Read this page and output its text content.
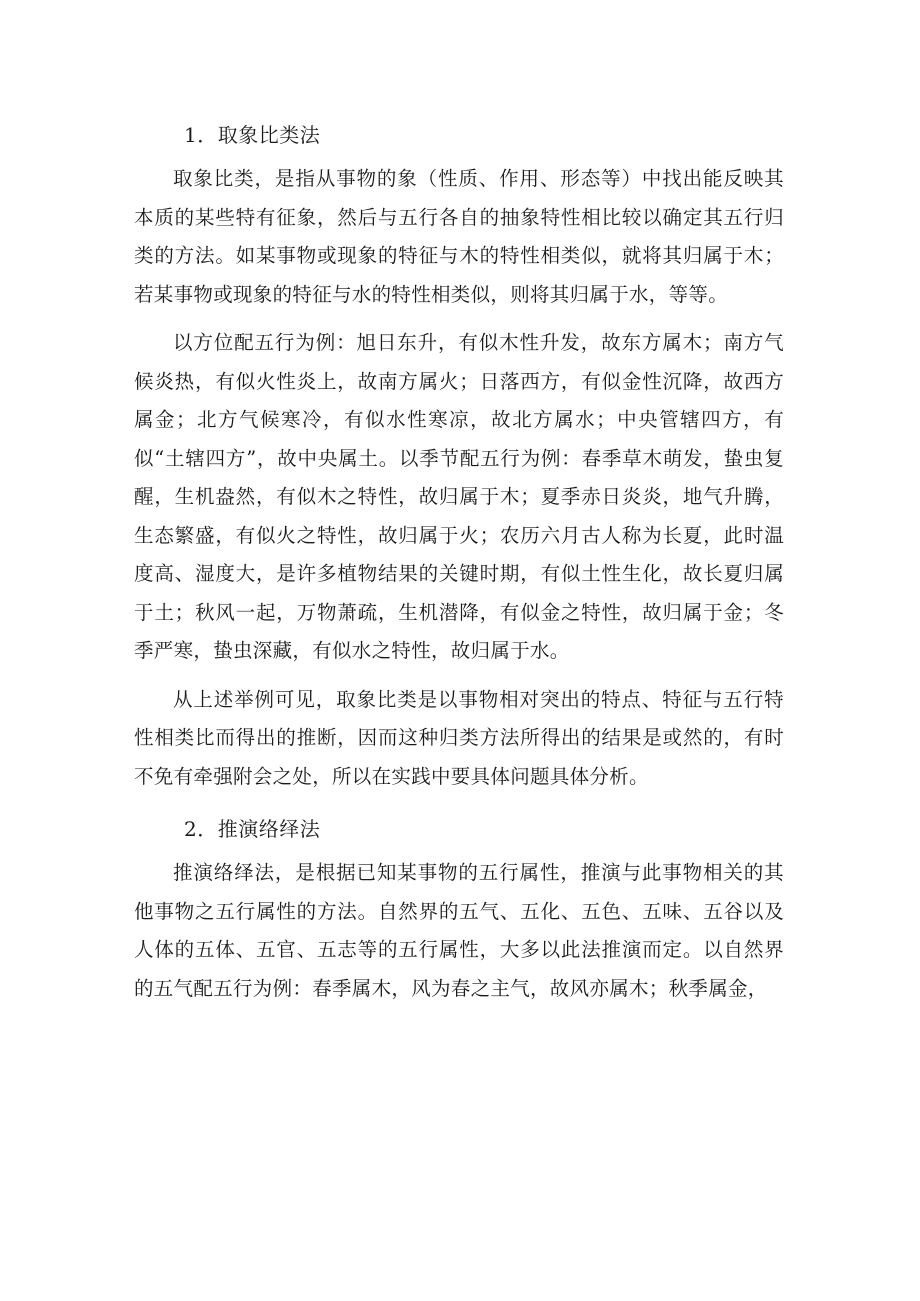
1．取象比类法

取象比类，是指从事物的象（性质、作用、形态等）中找出能反映其本质的某些特有征象，然后与五行各自的抽象特性相比较以确定其五行归类的方法。如某事物或现象的特征与木的特性相类似，就将其归属于木；若某事物或现象的特征与水的特性相类似，则将其归属于水，等等。

以方位配五行为例：旭日东升，有似木性升发，故东方属木；南方气候炎热，有似火性炎上，故南方属火；日落西方，有似金性沉降，故西方属金；北方气候寒冷，有似水性寒凉，故北方属水；中央管辖四方，有似“土辖四方”，故中央属土。以季节配五行为例：春季草木萌发，蛰虫复醒，生机盎然，有似木之特性，故归属于木；夏季赤日炎炎，地气升腾，生态繁盛，有似火之特性，故归属于火；农历六月古人称为长夏，此时温度高、湿度大，是许多植物结果的关键时期，有似土性生化，故长夏归属于土；秋风一起，万物萧疏，生机潜降，有似金之特性，故归属于金；冬季严寒，蛰虫深藏，有似水之特性，故归属于水。

从上述举例可见，取象比类是以事物相对突出的特点、特征与五行特性相类比而得出的推断，因而这种归类方法所得出的结果是或然的，有时不免有牵强附会之处，所以在实践中要具体问题具体分析。

2．推演络绎法

推演络绎法，是根据已知某事物的五行属性，推演与此事物相关的其他事物之五行属性的方法。自然界的五气、五化、五色、五味、五谷以及人体的五体、五官、五志等的五行属性，大多以此法推演而定。以自然界的五气配五行为例：春季属木，风为春之主气，故风亦属木；秋季属金，
